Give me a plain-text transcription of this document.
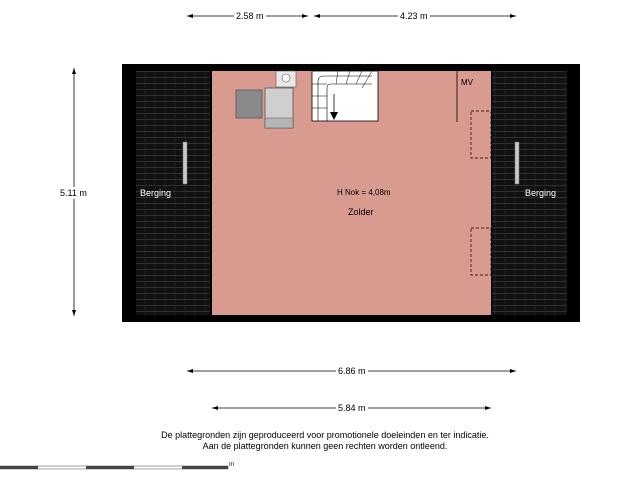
2.58 m	4.23 m
5.11 m
6.86 m
5.84 m
Berging	Berging
H Nok = 4,08m
Zolder
MV
De plattegronden zijn geproduceerd voor promotionele doeleinden en ter indicatie.
Aan de plattegronden kunnen geen rechten worden ontleend.
m
